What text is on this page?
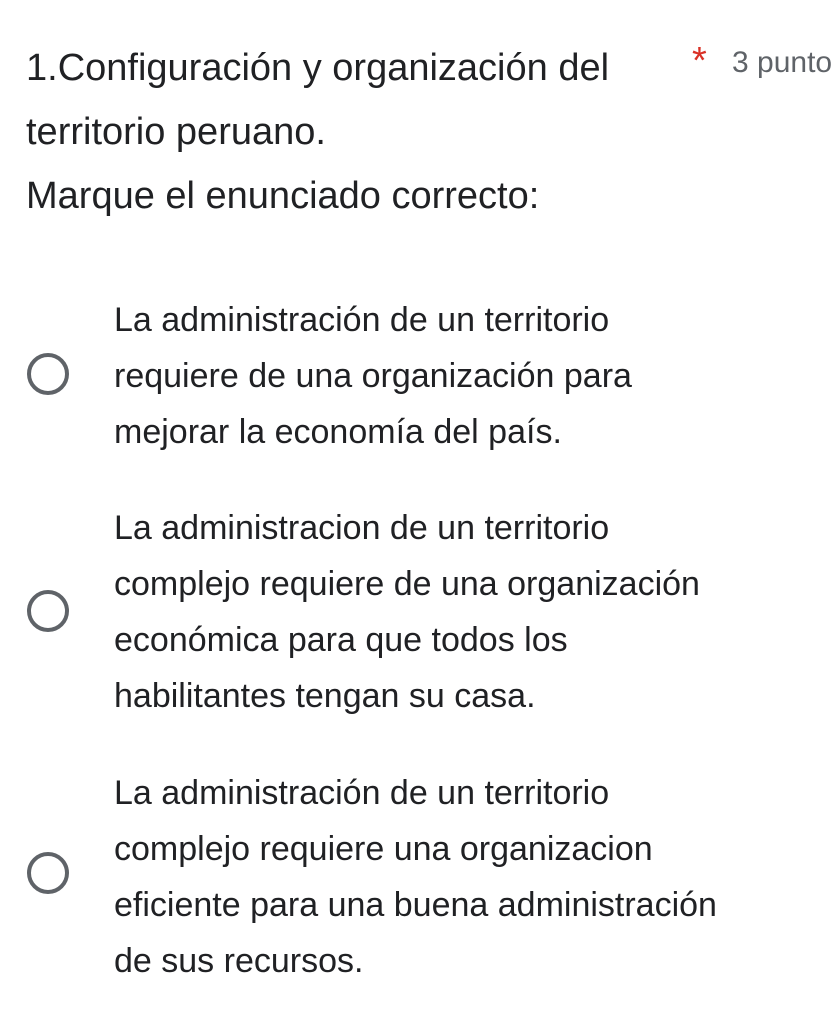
1.Configuración y organización del territorio peruano.
* 3 punto

Marque el enunciado correcto:

La administración de un territorio
requiere de una organización para
mejorar la economía del país.
La administracion de un territorio
complejo requiere de una organización
económica para que todos los
habilitantes tengan su casa.
La administración de un territorio
complejo requiere una organizacion
eficiente para una buena administración
de sus recursos.
